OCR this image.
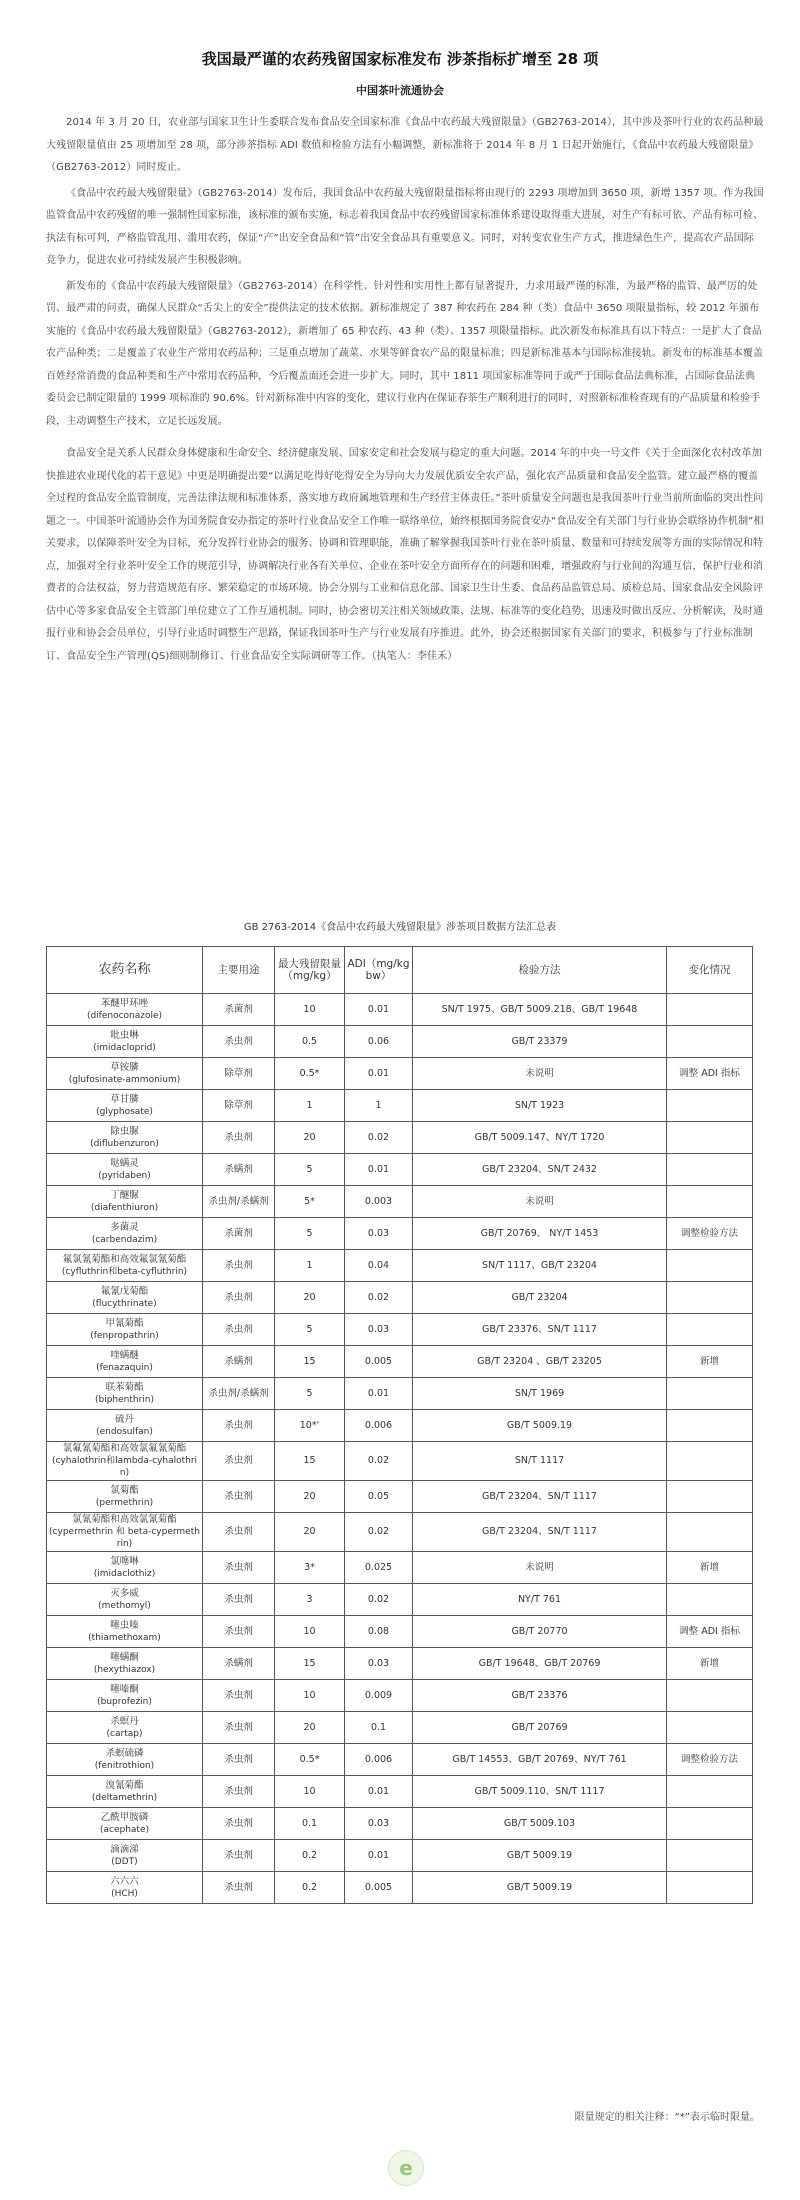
我国最严谨的农药残留国家标准发布 涉茶指标扩增至 28 项
中国茶叶流通协会

2014 年 3 月 20 日，农业部与国家卫生计生委联合发布食品安全国家标准《食品中农药最大残留限量》（GB2763-2014），其中涉及茶叶行业的农药品种最大残留限量值由 25 项增加至 28 项，部分涉茶指标 ADI 数值和检验方法有小幅调整，新标准将于 2014 年 8 月 1 日起开始施行，《食品中农药最大残留限量》（GB2763-2012）同时废止。

《食品中农药最大残留限量》（GB2763-2014）发布后，我国食品中农药最大残留限量指标将由现行的 2293 项增加到 3650 项，新增 1357 项。作为我国监管食品中农药残留的唯一强制性国家标准，该标准的颁布实施，标志着我国食品中农药残留国家标准体系建设取得重大进展，对生产有标可依、产品有标可检、执法有标可判，严格监管乱用、滥用农药，保证“产”出安全食品和“管”出安全食品具有重要意义。同时，对转变农业生产方式，推进绿色生产，提高农产品国际竞争力，促进农业可持续发展产生积极影响。

新发布的《食品中农药最大残留限量》（GB2763-2014）在科学性、针对性和实用性上都有显著提升，力求用最严谨的标准，为最严格的监管、最严厉的处罚、最严肃的问责，确保人民群众“舌尖上的安全”提供法定的技术依据。新标准规定了 387 种农药在 284 种（类）食品中 3650 项限量指标，较 2012 年颁布实施的《食品中农药最大残留限量》（GB2763-2012），新增加了 65 种农药、43 种（类）、1357 项限量指标。此次新发布标准具有以下特点：一是扩大了食品农产品种类；二是覆盖了农业生产常用农药品种；三是重点增加了蔬菜、水果等鲜食农产品的限量标准；四是新标准基本与国际标准接轨。新发布的标准基本覆盖百姓经常消费的食品种类和生产中常用农药品种，今后覆盖面还会进一步扩大。同时，其中 1811 项国家标准等同于或严于国际食品法典标准，占国际食品法典委员会已制定限量的 1999 项标准的 90.6%。针对新标准中内容的变化，建议行业内在保证春茶生产顺利进行的同时，对照新标准检查现有的产品质量和检验手段，主动调整生产技术，立足长远发展。

食品安全是关系人民群众身体健康和生命安全、经济健康发展、国家安定和社会发展与稳定的重大问题。2014 年的中央一号文件《关于全面深化农村改革加快推进农业现代化的若干意见》中更是明确提出要“以满足吃得好吃得安全为导向大力发展优质安全农产品，强化农产品质量和食品安全监管。建立最严格的覆盖全过程的食品安全监管制度，完善法律法规和标准体系，落实地方政府属地管理和生产经营主体责任。”茶叶质量安全问题也是我国茶叶行业当前所面临的突出性问题之一。中国茶叶流通协会作为国务院食安办指定的茶叶行业食品安全工作唯一联络单位，始终根据国务院食安办“食品安全有关部门与行业协会联络协作机制”相关要求，以保障茶叶安全为目标，充分发挥行业协会的服务、协调和管理职能，准确了解掌握我国茶叶行业在茶叶质量、数量和可持续发展等方面的实际情况和特点，加强对全行业茶叶安全工作的规范引导，协调解决行业各有关单位、企业在茶叶安全方面所存在的问题和困难，增强政府与行业间的沟通互信，保护行业和消费者的合法权益，努力营造规范有序、繁荣稳定的市场环境。协会分别与工业和信息化部、国家卫生计生委、食品药品监管总局、质检总局、国家食品安全风险评估中心等多家食品安全主管部门单位建立了工作互通机制。同时，协会密切关注相关领域政策、法规、标准等的变化趋势，迅速及时做出反应、分析解读，及时通报行业和协会会员单位，引导行业适时调整生产思路，保证我国茶叶生产与行业发展有序推进。此外，协会还根据国家有关部门的要求，积极参与了行业标准制订、食品安全生产管理(QS)细则制修订、行业食品安全实际调研等工作。（执笔人：李佳禾）

GB 2763-2014《食品中农药最大残留限量》涉茶项目数据方法汇总表
农药名称	主要用途	最大残留限量（mg/kg）	ADI（mg/kg bw）	检验方法	变化情况

苯醚甲环唑
(difenoconazole)	杀菌剂	10	0.01	SN/T 1975、GB/T 5009.218、GB/T 19648	

吡虫啉
(imidacloprid)	杀虫剂	0.5	0.06	GB/T 23379	

草铵膦
(glufosinate-ammonium)	除草剂	0.5*	0.01	未说明	调整 ADI 指标

草甘膦
(glyphosate)	除草剂	1	1	SN/T 1923	

除虫脲
(diflubenzuron)	杀虫剂	20	0.02	GB/T 5009.147、NY/T 1720	

哒螨灵
(pyridaben)	杀螨剂	5	0.01	GB/T 23204、SN/T 2432	

丁醚脲
(diafenthiuron)	杀虫剂/杀螨剂	5*	0.003	未说明	

多菌灵
(carbendazim)	杀菌剂	5	0.03	GB/T 20769、 NY/T 1453	调整检验方法

氟氯氰菊酯和高效氟氯氰菊酯
(cyfluthrin和beta-cyfluthrin)	杀虫剂	1	0.04	SN/T 1117、GB/T 23204	

氟氰戊菊酯
(flucythrinate)	杀虫剂	20	0.02	GB/T 23204	

甲氰菊酯
(fenpropathrin)	杀虫剂	5	0.03	GB/T 23376、SN/T 1117	

喹螨醚
(fenazaquin)	杀螨剂	15	0.005	GB/T 23204 、GB/T 23205	新增

联苯菊酯
(biphenthrin)	杀虫剂/杀螨剂	5	0.01	SN/T 1969	

硫丹
(endosulfan)	杀虫剂	10*'	0.006	GB/T 5009.19	

氯氟氰菊酯和高效氯氟氰菊酯
(cyhalothrin和lambda-cyhalothrin)	杀虫剂	15	0.02	SN/T 1117	

氯菊酯
(permethrin)	杀虫剂	20	0.05	GB/T 23204、SN/T 1117	

氯氰菊酯和高效氯氰菊酯
(cypermethrin 和 beta-cypermethrin)	杀虫剂	20	0.02	GB/T 23204、SN/T 1117	

氯噻啉
(imidaclothiz)	杀虫剂	3*	0.025	未说明	新增

灭多威
(methomyl)	杀虫剂	3	0.02	NY/T 761	

噻虫嗪
(thiamethoxam)	杀虫剂	10	0.08	GB/T 20770	调整 ADI 指标

噻螨酮
(hexythiazox)	杀螨剂	15	0.03	GB/T 19648、GB/T 20769	新增

噻嗪酮
(buprofezin)	杀虫剂	10	0.009	GB/T 23376	

杀螟丹
(cartap)	杀虫剂	20	0.1	GB/T 20769	

杀螟硫磷
(fenitrothion)	杀虫剂	0.5*	0.006	GB/T 14553、GB/T 20769、NY/T 761	调整检验方法

溴氰菊酯
(deltamethrin)	杀虫剂	10	0.01	GB/T 5009.110、SN/T 1117	

乙酰甲胺磷
(acephate)	杀虫剂	0.1	0.03	GB/T 5009.103	

滴滴涕
(DDT)	杀虫剂	0.2	0.01	GB/T 5009.19	

六六六
(HCH)	杀虫剂	0.2	0.005	GB/T 5009.19	
限量规定的相关注释：“*”表示临时限量。
e
